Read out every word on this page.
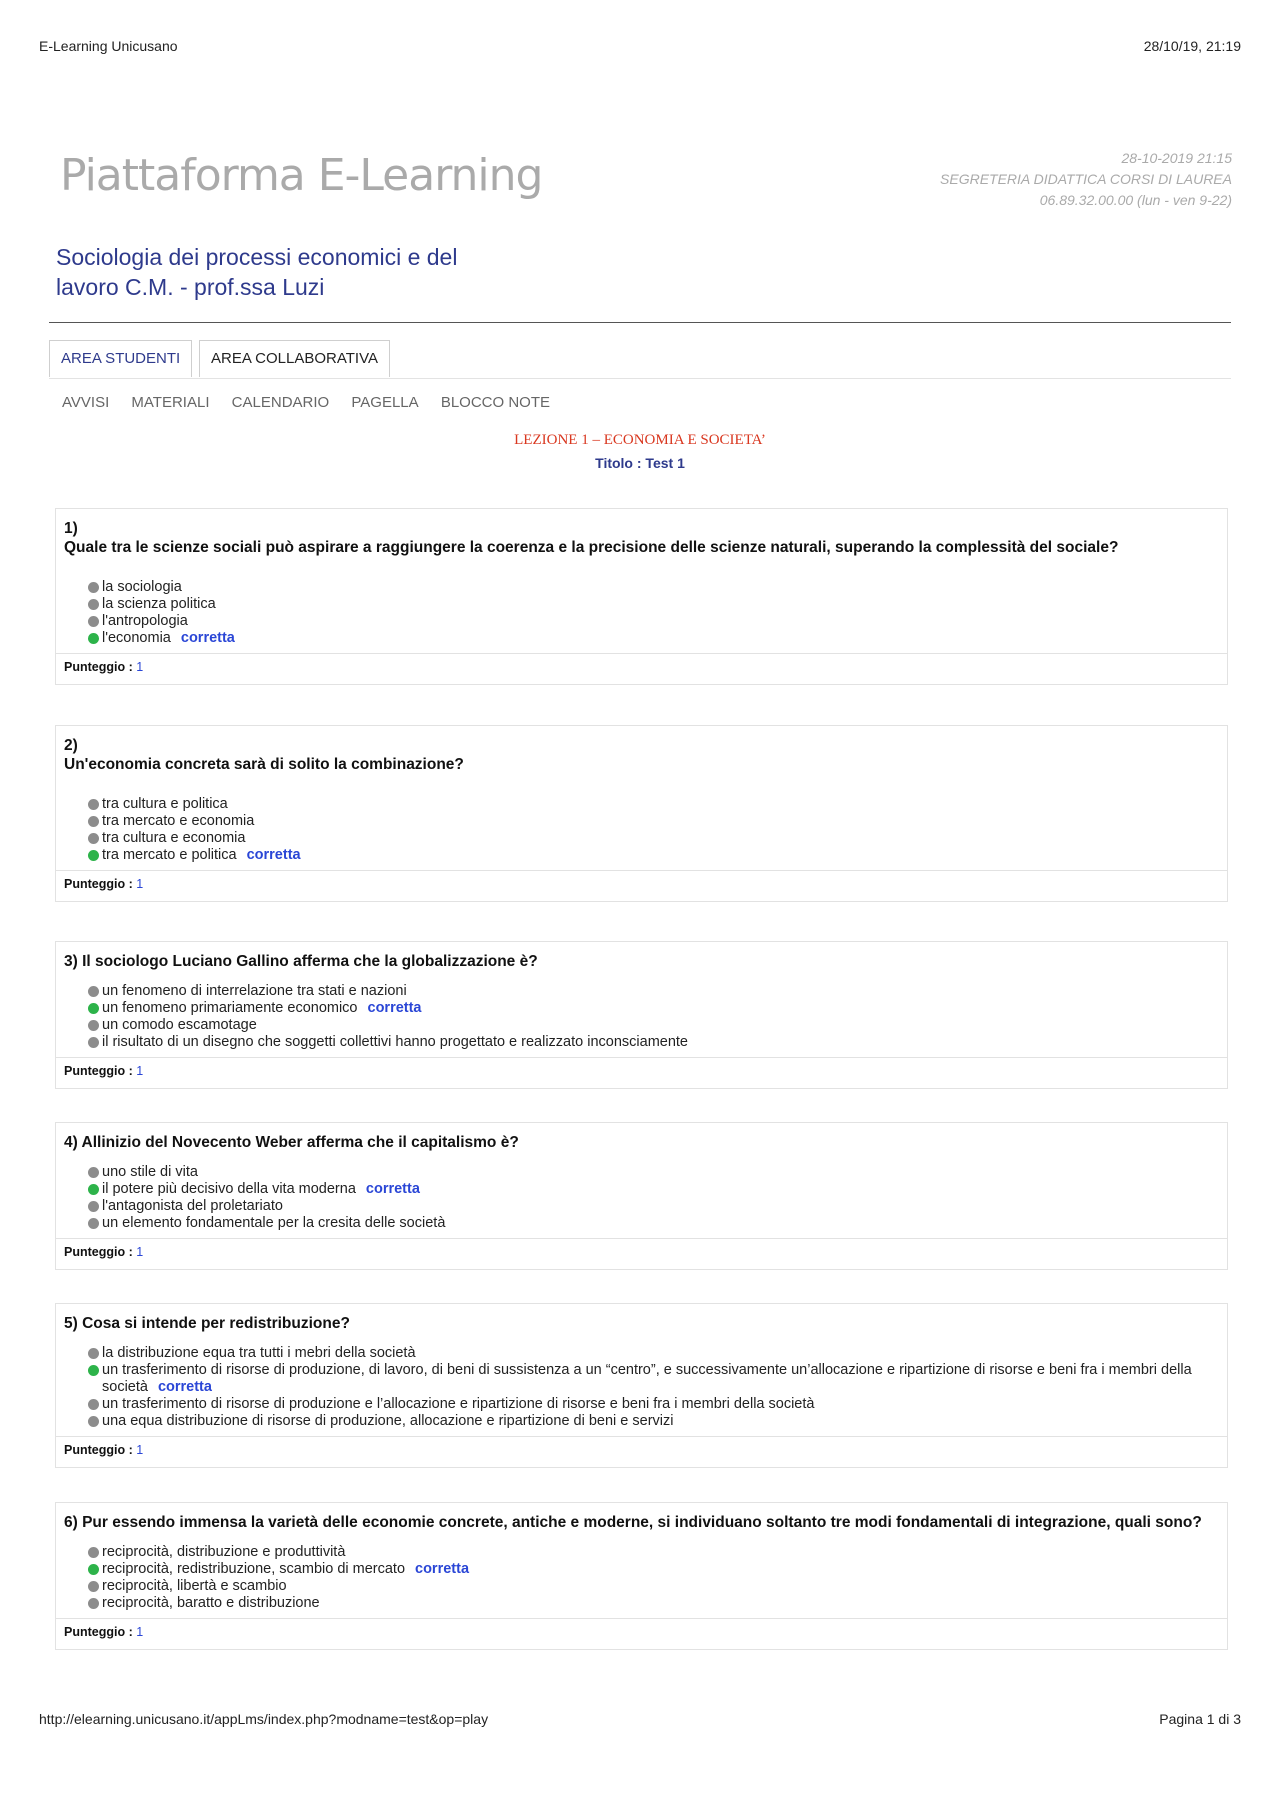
E-Learning Unicusano	28/10/19, 21:19
Piattaforma E-Learning	28-10-2019 21:15
SEGRETERIA DIDATTICA CORSI DI LAUREA
06.89.32.00.00 (lun - ven 9-22)
Sociologia dei processi economici e del lavoro C.M. - prof.ssa Luzi
AREA STUDENTI	AREA COLLABORATIVA
AVVISI MATERIALI CALENDARIO PAGELLA BLOCCO NOTE
LEZIONE 1 – ECONOMIA E SOCIETA’
Titolo : Test 1
1)
Quale tra le scienze sociali può aspirare a raggiungere la coerenza e la precisione delle scienze naturali, superando la complessità del sociale?
la sociologia
la scienza politica
l'antropologia
l'economia corretta
Punteggio : 1
2)
Un'economia concreta sarà di solito la combinazione?
tra cultura e politica
tra mercato e economia
tra cultura e economia
tra mercato e politica corretta
Punteggio : 1
3) Il sociologo Luciano Gallino afferma che la globalizzazione è?
un fenomeno di interrelazione tra stati e nazioni
un fenomeno primariamente economico corretta
un comodo escamotage
il risultato di un disegno che soggetti collettivi hanno progettato e realizzato inconsciamente
Punteggio : 1
4) Allinizio del Novecento Weber afferma che il capitalismo è?
uno stile di vita
il potere più decisivo della vita moderna corretta
l'antagonista del proletariato
un elemento fondamentale per la cresita delle società
Punteggio : 1
5) Cosa si intende per redistribuzione?
la distribuzione equa tra tutti i mebri della società
un trasferimento di risorse di produzione, di lavoro, di beni di sussistenza a un “centro”, e successivamente un’allocazione e ripartizione di risorse e beni fra i membri della società corretta
un trasferimento di risorse di produzione e l’allocazione e ripartizione di risorse e beni fra i membri della società
una equa distribuzione di risorse di produzione, allocazione e ripartizione di beni e servizi
Punteggio : 1
6) Pur essendo immensa la varietà delle economie concrete, antiche e moderne, si individuano soltanto tre modi fondamentali di integrazione, quali sono?
reciprocità, distribuzione e produttività
reciprocità, redistribuzione, scambio di mercato corretta
reciprocità, libertà e scambio
reciprocità, baratto e distribuzione
Punteggio : 1
http://elearning.unicusano.it/appLms/index.php?modname=test&op=play	Pagina 1 di 3
